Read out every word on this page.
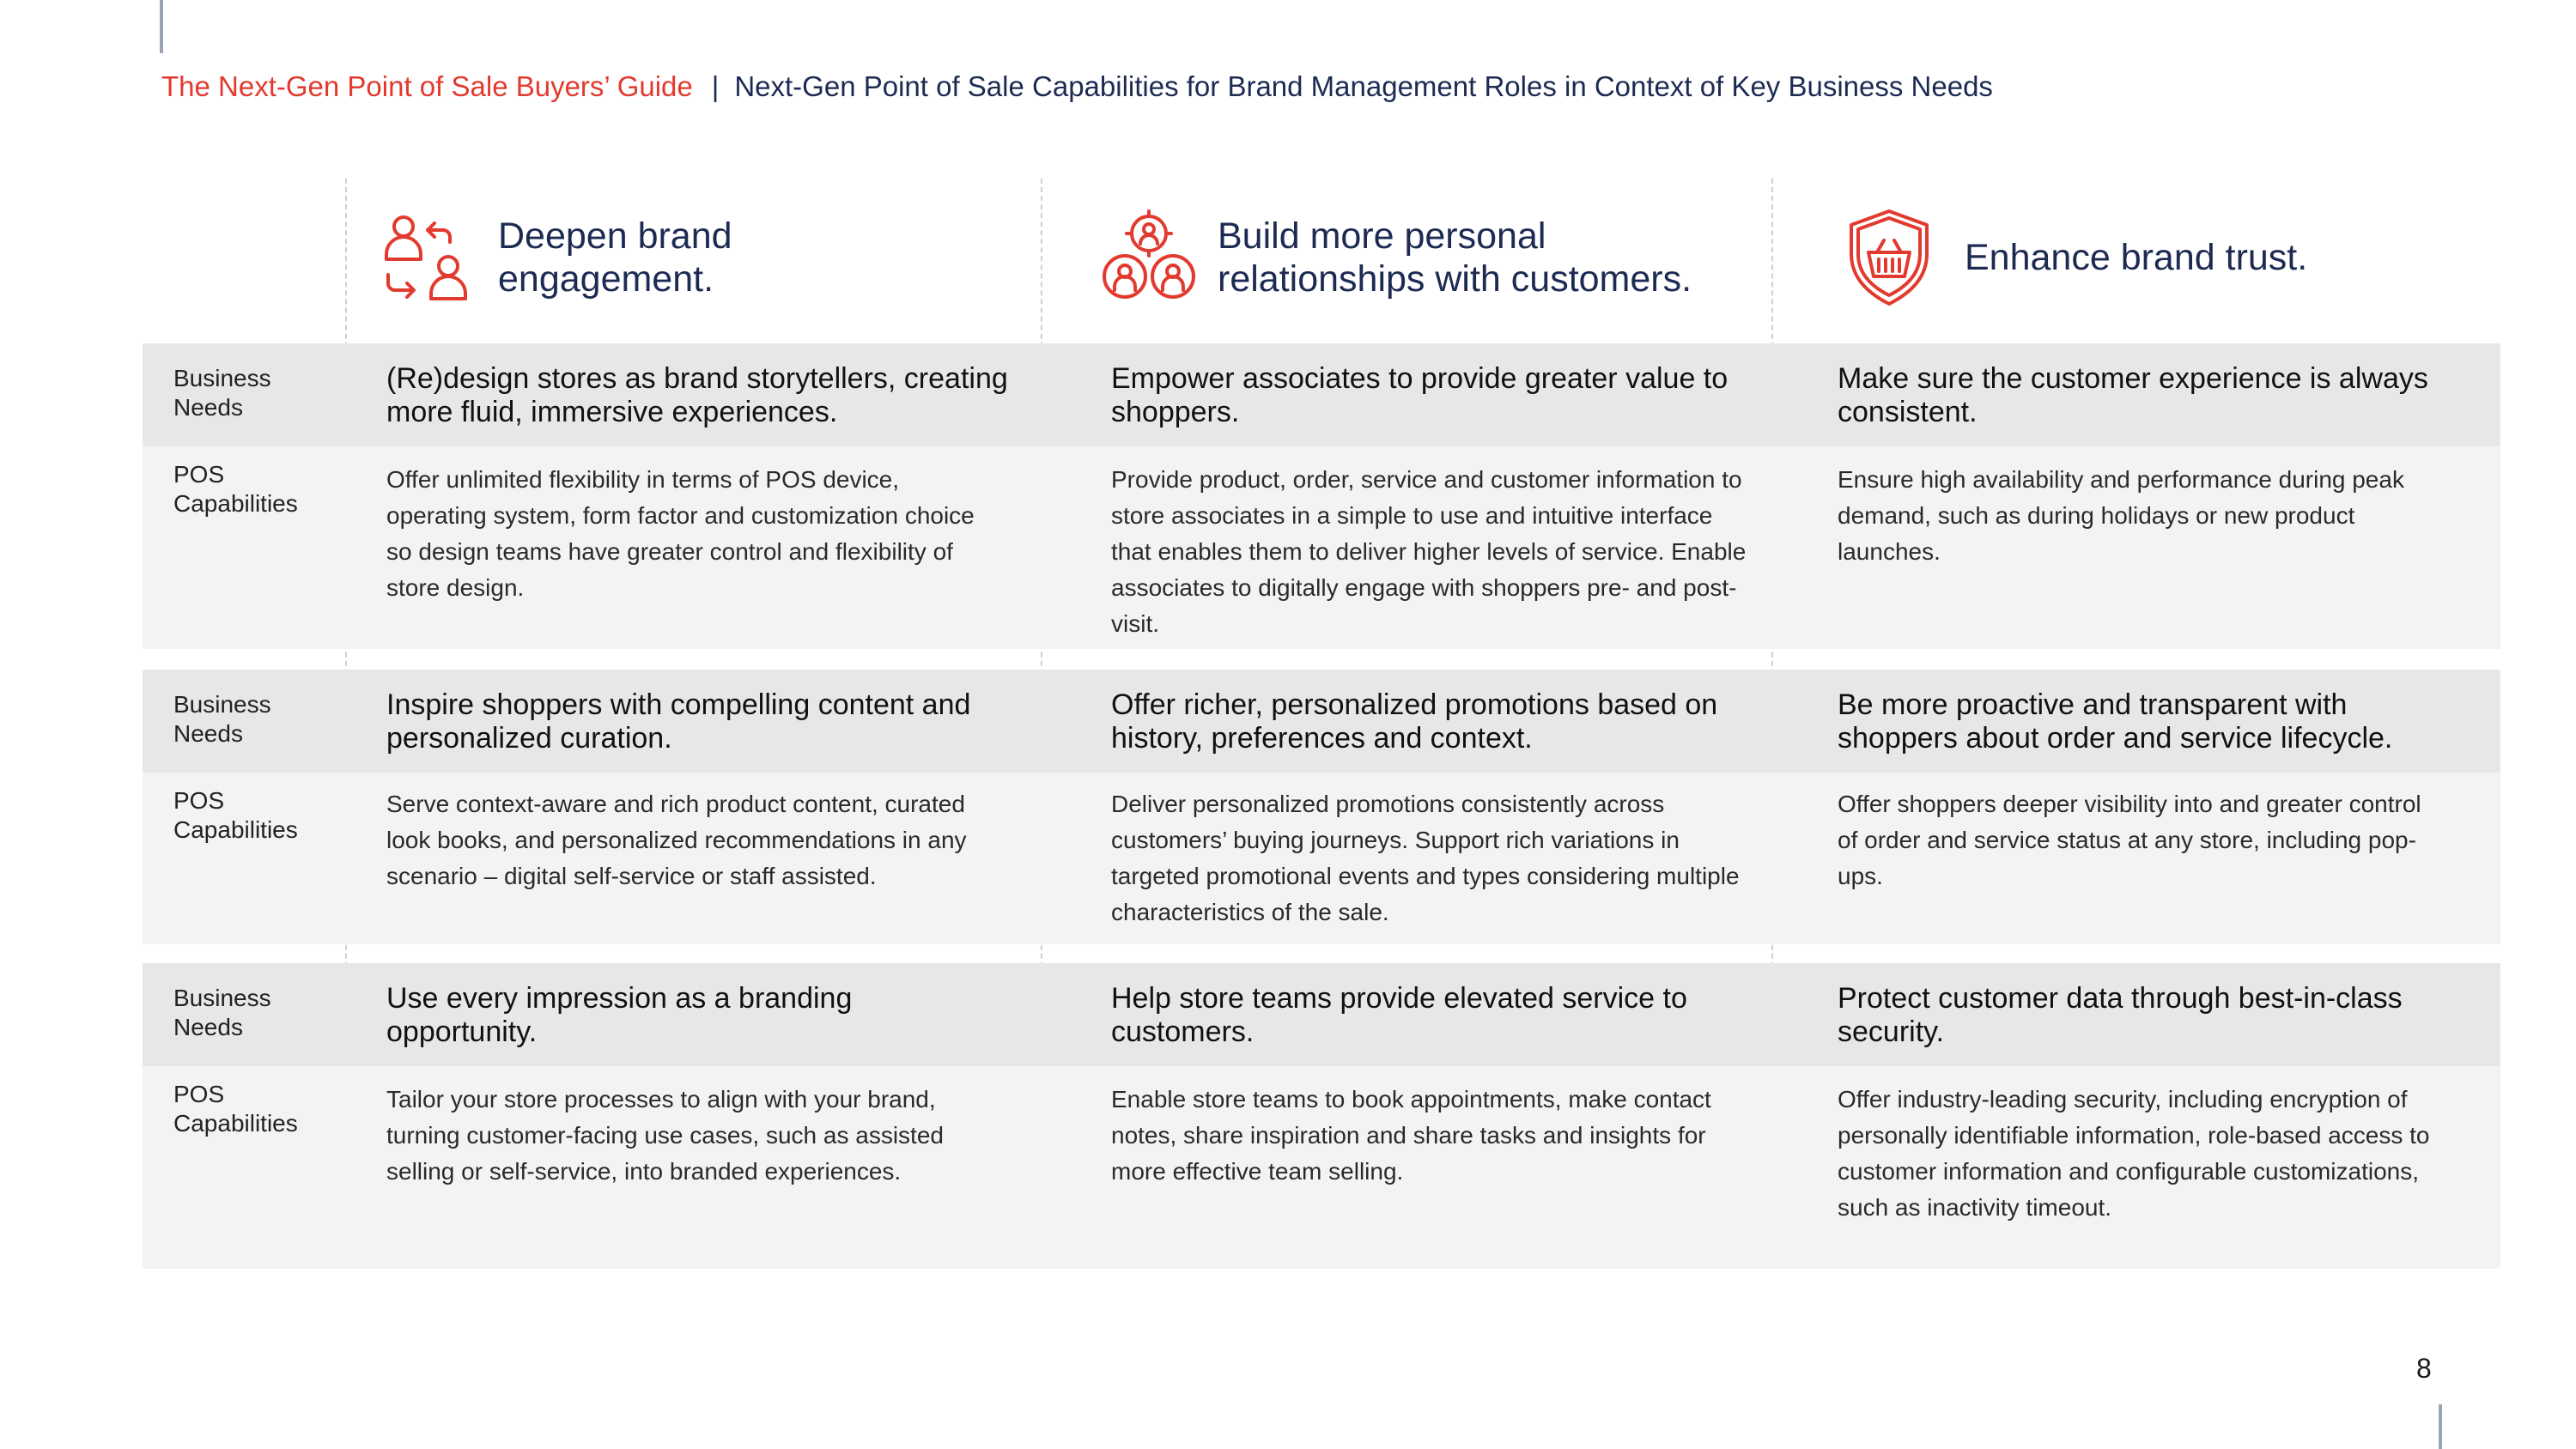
The Next-Gen Point of Sale Buyers’ Guide | Next-Gen Point of Sale Capabilities for Brand Management Roles in Context of Key Business Needs
Deepen brand engagement.
Build more personal relationships with customers.
Enhance brand trust.
Business
Needs
(Re)design stores as brand storytellers, creating more fluid, immersive experiences.
Empower associates to provide greater value to shoppers.
Make sure the customer experience is always consistent.
POS
Capabilities
Offer unlimited flexibility in terms of POS device, operating system, form factor and customization choice so design teams have greater control and flexibility of store design.
Provide product, order, service and customer information to store associates in a simple to use and intuitive interface that enables them to deliver higher levels of service. Enable associates to digitally engage with shoppers pre- and post- visit.
Ensure high availability and performance during peak demand, such as during holidays or new product launches.
Business
Needs
Inspire shoppers with compelling content and personalized curation.
Offer richer, personalized promotions based on history, preferences and context.
Be more proactive and transparent with shoppers about order and service lifecycle.
POS
Capabilities
Serve context-aware and rich product content, curated look books, and personalized recommendations in any scenario – digital self-service or staff assisted.
Deliver personalized promotions consistently across customers’ buying journeys. Support rich variations in targeted promotional events and types considering multiple characteristics of the sale.
Offer shoppers deeper visibility into and greater control of order and service status at any store, including pop-ups.
Business
Needs
Use every impression as a branding opportunity.
Help store teams provide elevated service to customers.
Protect customer data through best-in-class security.
POS
Capabilities
Tailor your store processes to align with your brand, turning customer-facing use cases, such as assisted selling or self-service, into branded experiences.
Enable store teams to book appointments, make contact notes, share inspiration and share tasks and insights for more effective team selling.
Offer industry-leading security, including encryption of personally identifiable information, role-based access to customer information and configurable customizations, such as inactivity timeout.
8
